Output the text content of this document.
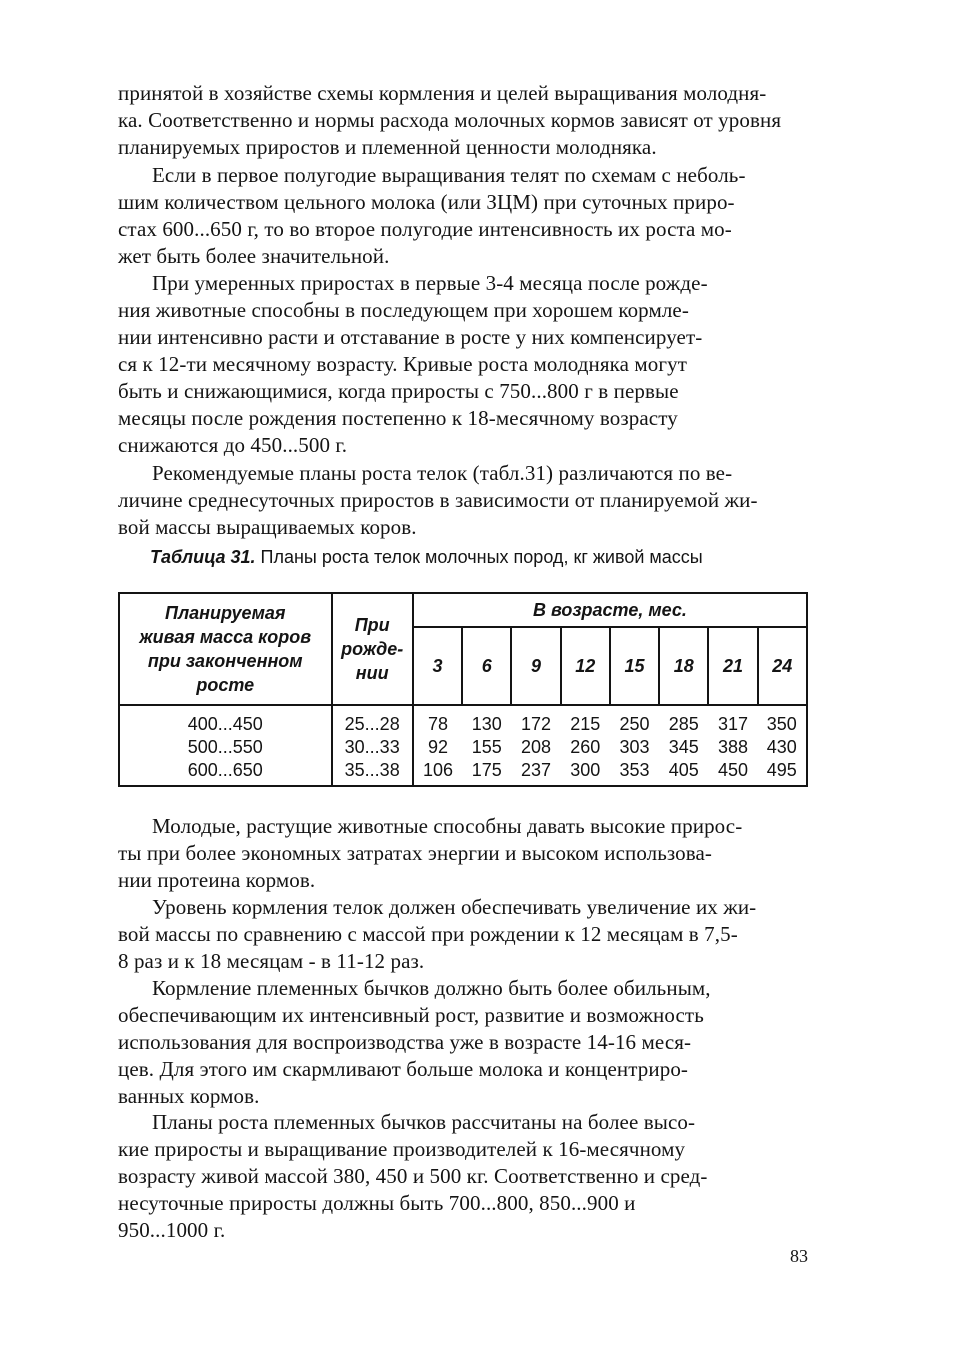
принятой в хозяйстве схемы кормления и целей выращивания молодня-
ка. Соответственно и нормы расхода молочных кормов зависят от уровня
планируемых приростов и племенной ценности молодняка.

Если в первое полугодие выращивания телят по схемам с неболь-
шим количеством цельного молока (или ЗЦМ) при суточных приро-
стах 600...650 г, то во второе полугодие интенсивность их роста мо-
жет быть более значительной.

При умеренных приростах в первые 3-4 месяца после рожде-
ния животные способны в последующем при хорошем кормле-
нии интенсивно расти и отставание в росте у них компенсирует-
ся к 12-ти месячному возрасту. Кривые роста молодняка могут
быть и снижающимися, когда приросты с 750...800 г в первые
месяцы после рождения постепенно к 18-месячному возрасту
снижаются до 450...500 г.

Рекомендуемые планы роста телок (табл.31) различаются по ве-
личине среднесуточных приростов в зависимости от планируемой жи-
вой массы выращиваемых коров.

Таблица 31. Планы роста телок молочных пород, кг живой массы
Планируемая
живая масса коров
при законченном
росте	При
рожде-
нии	В возрасте, мес.							
		3	6	9	12	15	18	21	24
400...450	25...28	78	130	172	215	250	285	317	350
500...550	30...33	92	155	208	260	303	345	388	430
600...650	35...38	106	175	237	300	353	405	450	495

Молодые, растущие животные способны давать высокие прирос-
ты при более экономных затратах энергии и высоком использова-
нии протеина кормов.

Уровень кормления телок должен обеспечивать увеличение их жи-
вой массы по сравнению с массой при рождении к 12 месяцам в 7,5-
8 раз и к 18 месяцам - в 11-12 раз.

Кормление племенных бычков должно быть более обильным,
обеспечивающим их интенсивный рост, развитие и возможность
использования для воспроизводства уже в возрасте 14-16 меся-
цев. Для этого им скармливают больше молока и концентриро-
ванных кормов.

Планы роста племенных бычков рассчитаны на более высо-
кие приросты и выращивание производителей к 16-месячному
возрасту живой массой 380, 450 и 500 кг. Соответственно и сред-
несуточные приросты должны быть 700...800, 850...900 и
950...1000 г.

83
